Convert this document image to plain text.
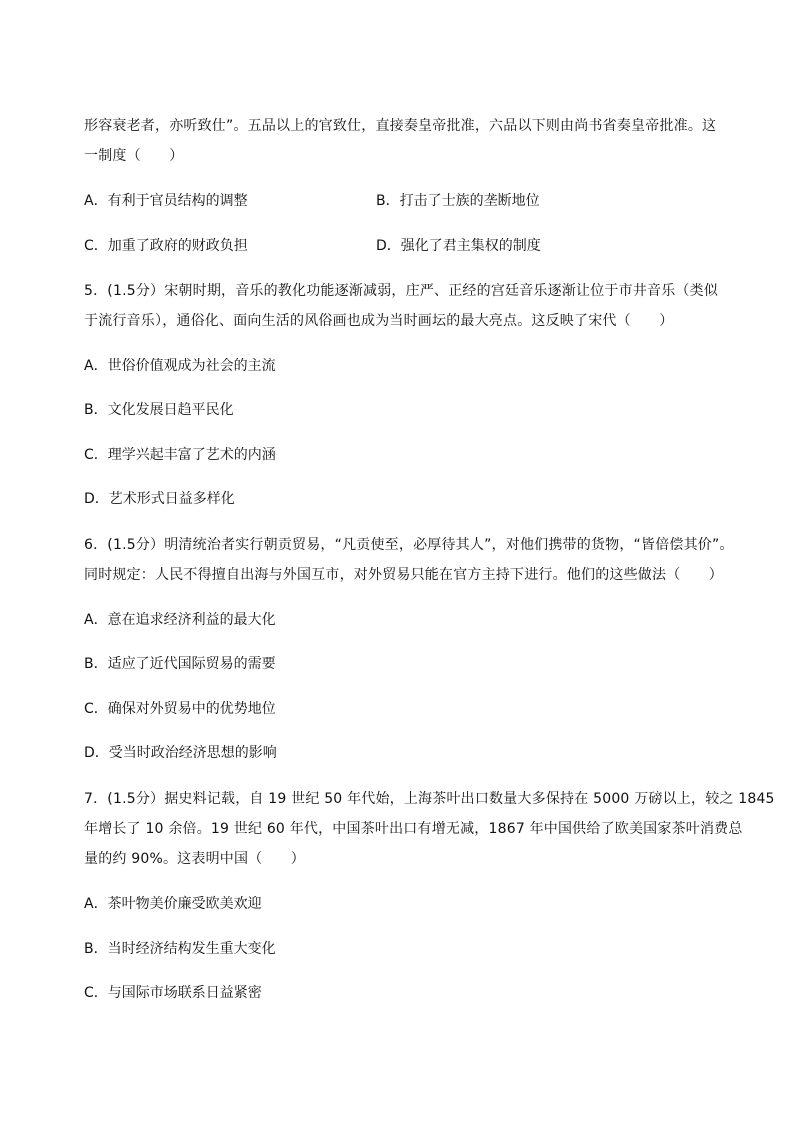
形容衰老者，亦听致仕”。五品以上的官致仕，直接奏皇帝批准，六品以下则由尚书省奏皇帝批准。这
一制度（　　）
A．有利于官员结构的调整	B．打击了士族的垄断地位
C．加重了政府的财政负担	D．强化了君主集权的制度
5．(1.5分）宋朝时期，音乐的教化功能逐渐减弱，庄严、正经的宫廷音乐逐渐让位于市井音乐（类似
于流行音乐），通俗化、面向生活的风俗画也成为当时画坛的最大亮点。这反映了宋代（　　）
A．世俗价值观成为社会的主流
B．文化发展日趋平民化
C．理学兴起丰富了艺术的内涵
D．艺术形式日益多样化
6．(1.5分）明清统治者实行朝贡贸易，“凡贡使至，必厚待其人”，对他们携带的货物，“皆倍偿其价”。
同时规定：人民不得擅自出海与外国互市，对外贸易只能在官方主持下进行。他们的这些做法（　　）
A．意在追求经济利益的最大化
B．适应了近代国际贸易的需要
C．确保对外贸易中的优势地位
D．受当时政治经济思想的影响
7．(1.5分）据史料记载，自 19 世纪 50 年代始，上海茶叶出口数量大多保持在 5000 万磅以上，较之 1845
年增长了 10 余倍。19 世纪 60 年代，中国茶叶出口有增无减，1867 年中国供给了欧美国家茶叶消费总
量的约 90%。这表明中国（　　）
A．茶叶物美价廉受欧美欢迎
B．当时经济结构发生重大变化
C．与国际市场联系日益紧密
